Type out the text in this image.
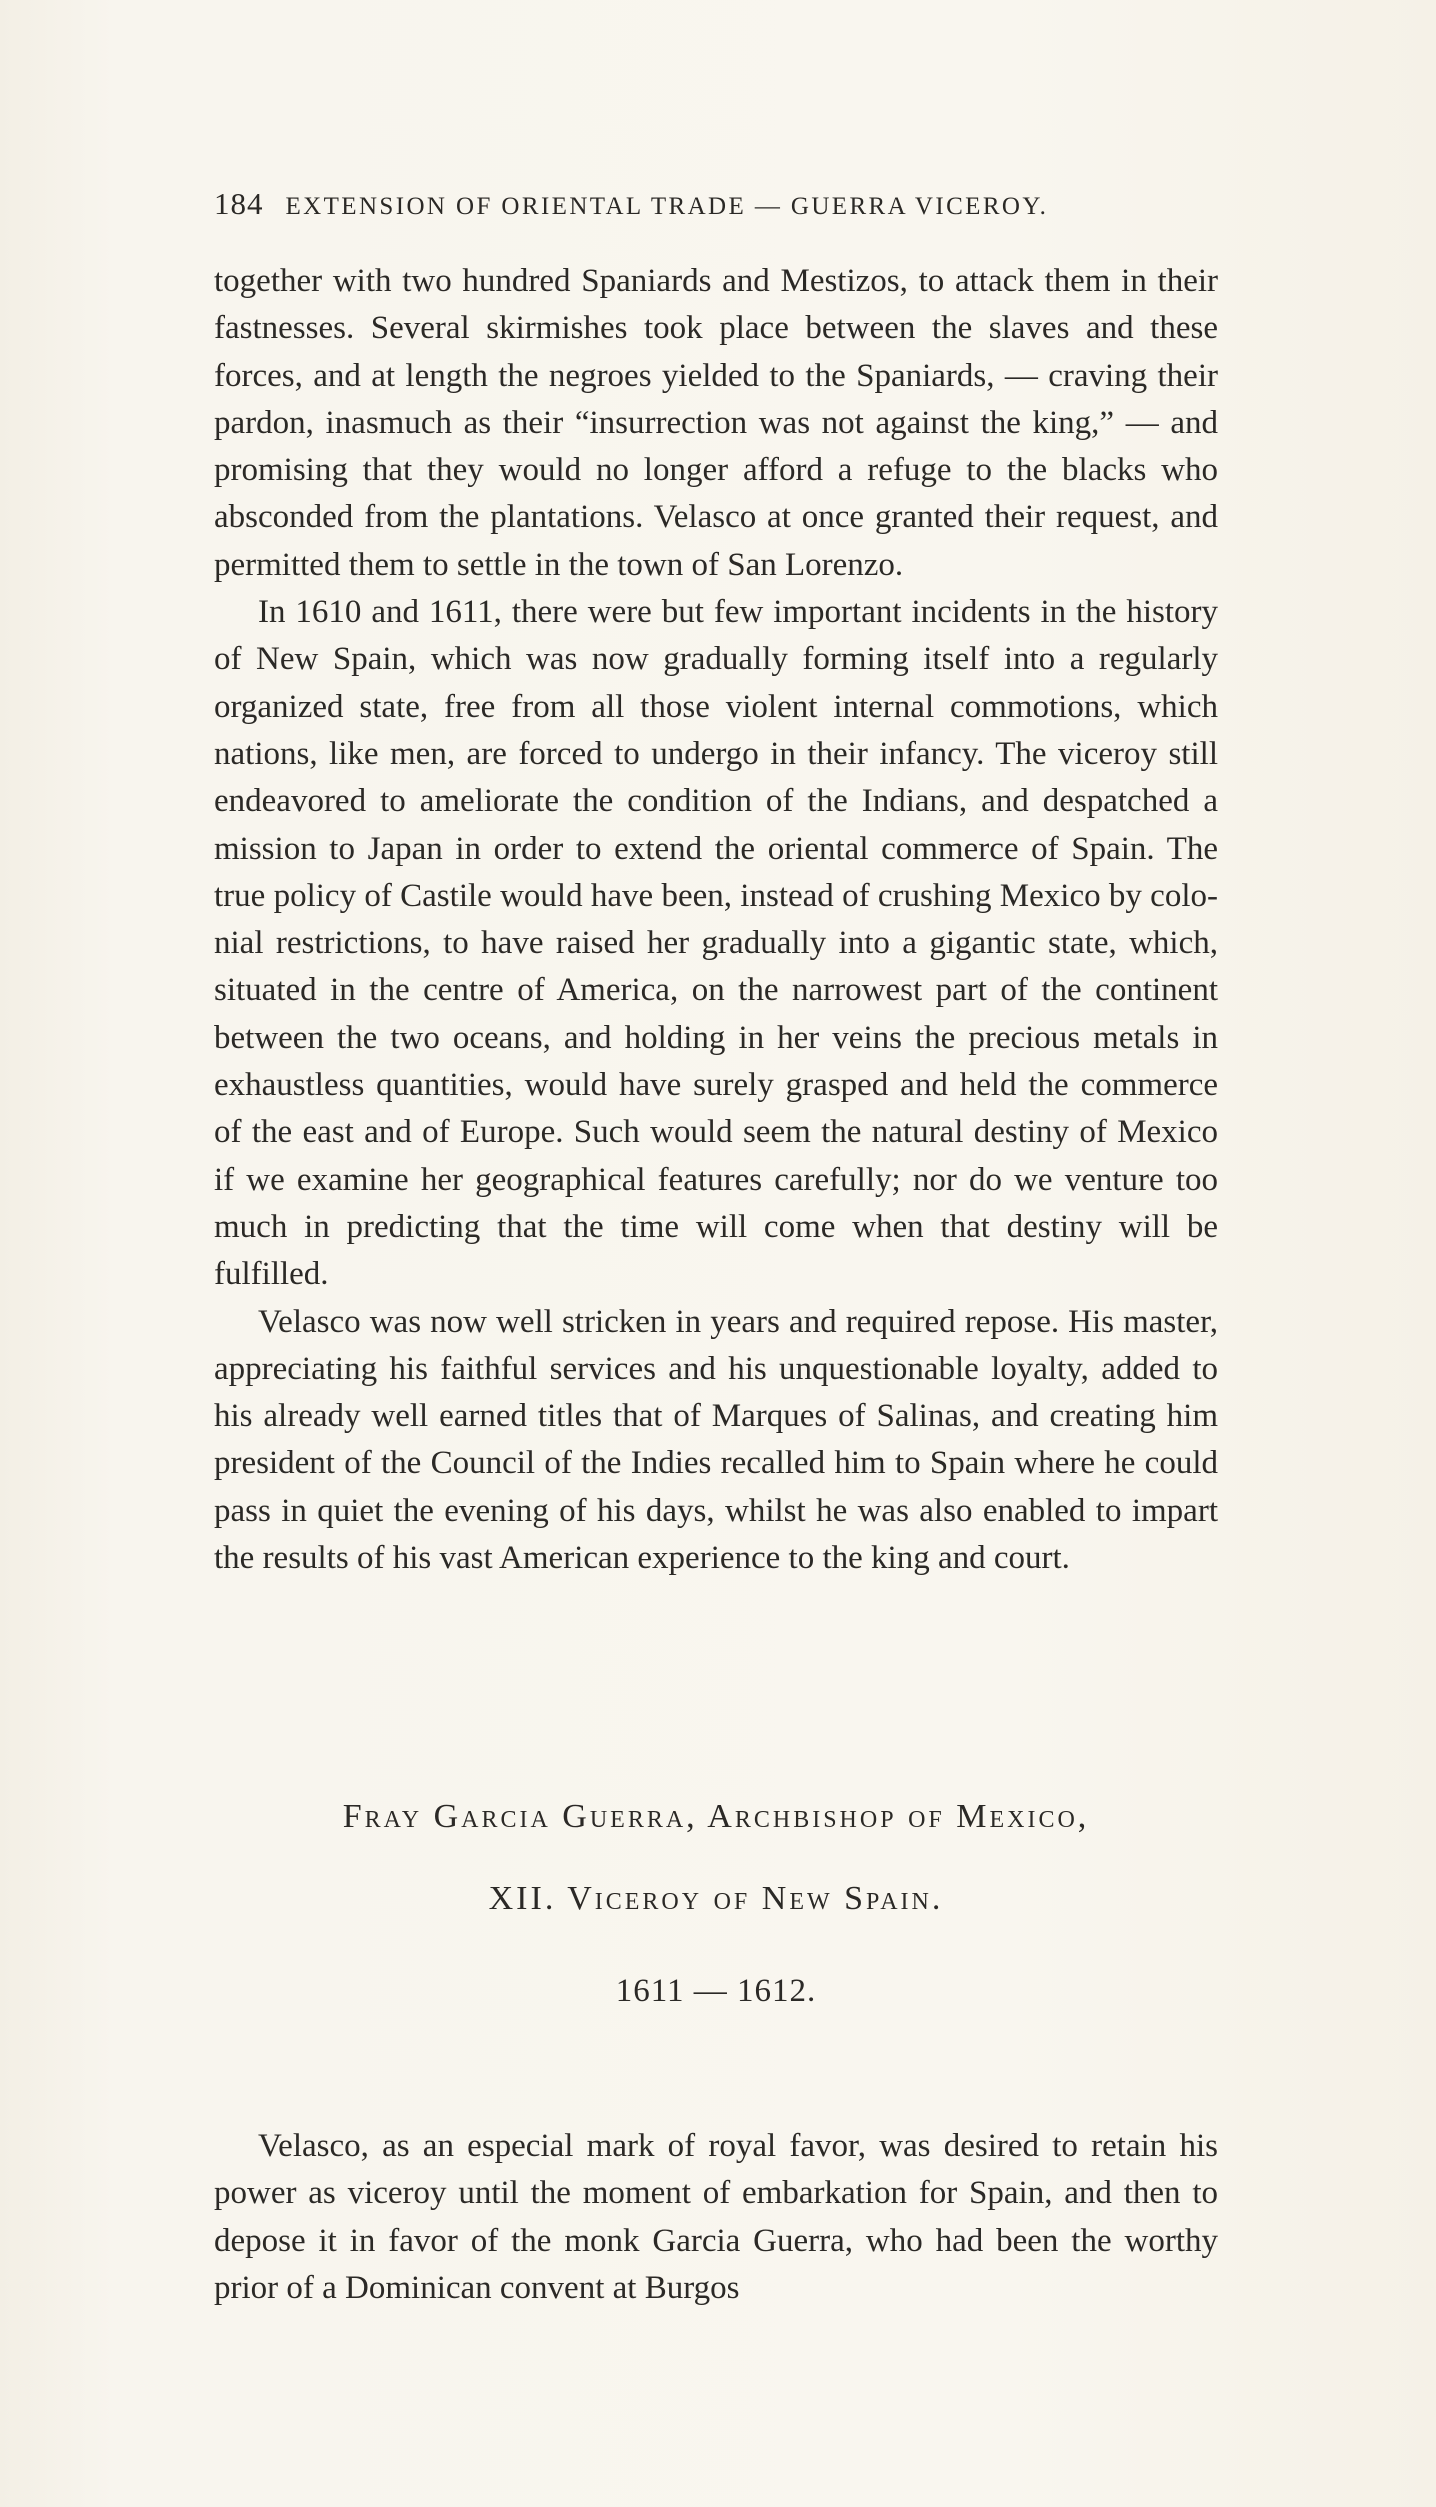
184 EXTENSION OF ORIENTAL TRADE — GUERRA VICEROY.

together with two hundred Spaniards and Mestizos, to attack them in their fastnesses. Several skirmishes took place between the slaves and these forces, and at length the negroes yielded to the Spaniards, — craving their pardon, inasmuch as their “insurrection was not against the king,” — and promising that they would no longer afford a refuge to the blacks who absconded from the plantations. Velasco at once granted their request, and permitted them to settle in the town of San Lorenzo.

In 1610 and 1611, there were but few important incidents in the history of New Spain, which was now gradually forming itself into a regularly organized state, free from all those violent internal commotions, which nations, like men, are forced to undergo in their infancy. The viceroy still endeavored to ameliorate the condition of the Indians, and despatched a mission to Japan in order to extend the oriental commerce of Spain. The true policy of Castile would have been, instead of crushing Mexico by colonial restrictions, to have raised her gradually into a gigantic state, which, situated in the centre of America, on the narrowest part of the continent between the two oceans, and holding in her veins the precious metals in exhaustless quantities, would have surely grasped and held the commerce of the east and of Europe. Such would seem the natural destiny of Mexico if we examine her geographical features carefully; nor do we venture too much in predicting that the time will come when that destiny will be fulfilled.

Velasco was now well stricken in years and required repose. His master, appreciating his faithful services and his unquestionable loyalty, added to his already well earned titles that of Marques of Salinas, and creating him president of the Council of the Indies recalled him to Spain where he could pass in quiet the evening of his days, whilst he was also enabled to impart the results of his vast American experience to the king and court.

Fray Garcia Guerra, Archbishop of Mexico,
XII. Viceroy of New Spain.
1611 — 1612.

Velasco, as an especial mark of royal favor, was desired to retain his power as viceroy until the moment of embarkation for Spain, and then to depose it in favor of the monk Garcia Guerra, who had been the worthy prior of a Dominican convent at Burgos
